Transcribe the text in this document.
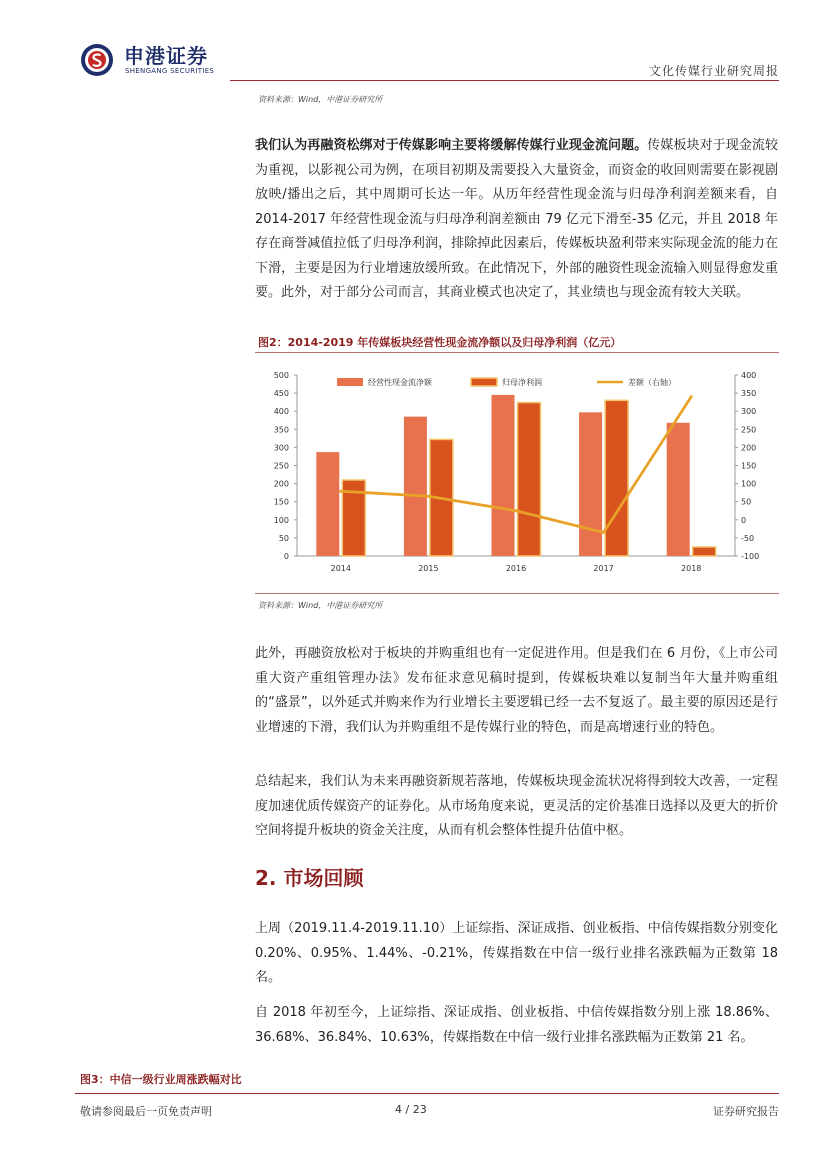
申港证券
SHENGANG SECURITIES	文化传媒行业研究周报
资料来源：Wind，中港证券研究所
我们认为再融资松绑对于传媒影响主要将缓解传媒行业现金流问题。传媒板块对于现金流较为重视，以影视公司为例，在项目初期及需要投入大量资金，而资金的收回则需要在影视剧放映/播出之后，其中周期可长达一年。从历年经营性现金流与归母净利润差额来看，自 2014-2017 年经营性现金流与归母净利润差额由 79 亿元下滑至-35 亿元，并且 2018 年存在商誉减值拉低了归母净利润，排除掉此因素后，传媒板块盈利带来实际现金流的能力在下滑，主要是因为行业增速放缓所致。在此情况下，外部的融资性现金流输入则显得愈发重要。此外，对于部分公司而言，其商业模式也决定了，其业绩也与现金流有较大关联。
图2：2014-2019 年传媒板块经营性现金流净额以及归母净利润（亿元）
0
50
100
150
200
250
300
350
400
450
500
-100
-50
0
50
100
150
200
250
300
350
400
2014	2015	2016	2017	2018
经营性现金流净额	归母净利润	差额（右轴）
资料来源：Wind，中港证券研究所
此外，再融资放松对于板块的并购重组也有一定促进作用。但是我们在 6 月份，《上市公司重大资产重组管理办法》发布征求意见稿时提到，传媒板块难以复制当年大量并购重组的“盛景”，以外延式并购来作为行业增长主要逻辑已经一去不复返了。最主要的原因还是行业增速的下滑，我们认为并购重组不是传媒行业的特色，而是高增速行业的特色。
总结起来，我们认为未来再融资新规若落地，传媒板块现金流状况将得到较大改善，一定程度加速优质传媒资产的证券化。从市场角度来说，更灵活的定价基准日选择以及更大的折价空间将提升板块的资金关注度，从而有机会整体性提升估值中枢。
2. 市场回顾
上周（2019.11.4-2019.11.10）上证综指、深证成指、创业板指、中信传媒指数分别变化 0.20%、0.95%、1.44%、-0.21%，传媒指数在中信一级行业排名涨跌幅为正数第 18 名。
自 2018 年初至今，上证综指、深证成指、创业板指、中信传媒指数分别上涨 18.86%、36.68%、36.84%、10.63%，传媒指数在中信一级行业排名涨跌幅为正数第 21 名。
图3：中信一级行业周涨跌幅对比
敬请参阅最后一页免责声明	4 / 23	证券研究报告
